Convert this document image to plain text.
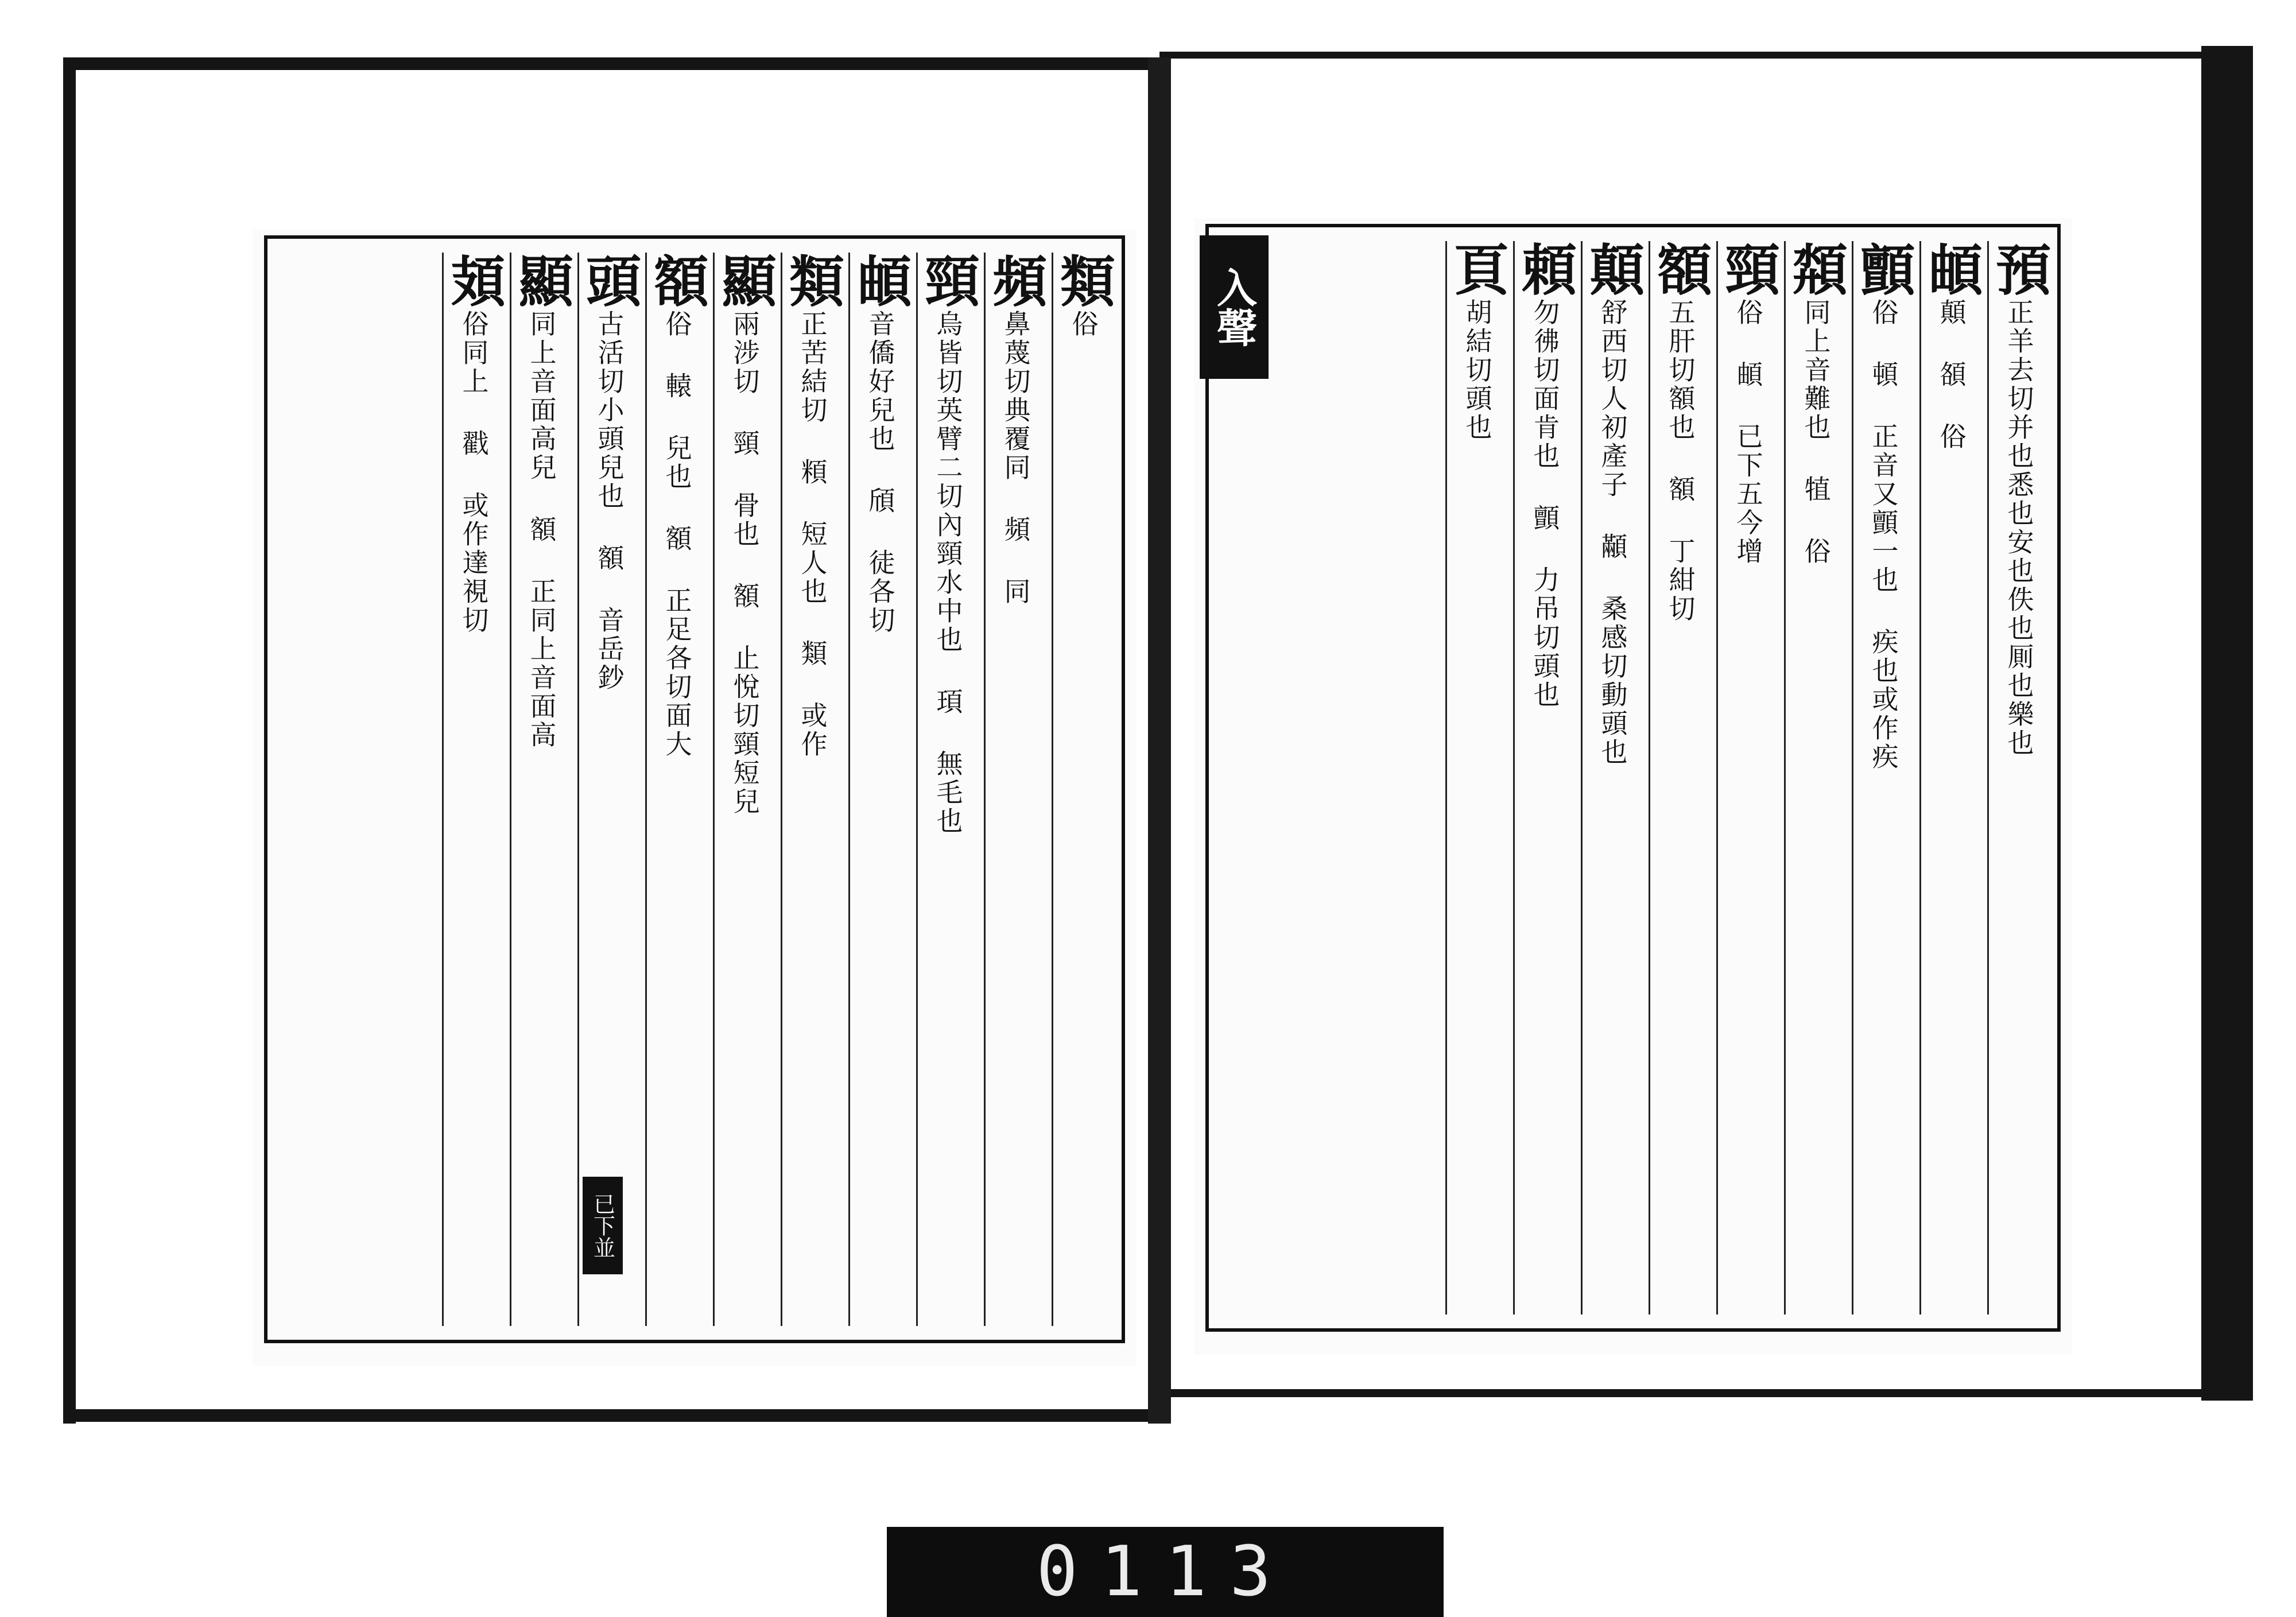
類
俗
頻
鼻蔑切典覆同 頻 同
頸
烏皆切英臂二切內頸水中也 頊 無毛也
頔
音僑好兒也 頎 徒各切
類
正苦結切 頪 短人也 類 或作
顯
兩涉切 頸 骨也 額 止悅切頸短兒
額
俗 轅 兒也 額 正足各切面大
頭
古活切小頭兒也 額 音岳鈔
顯
同上音面高兒 額 正同上音面高
頍
俗同上 戳 或作達視切
已下並
預
正羊去切并也悉也安也佚也厠也樂也
頔
顛 頟 俗
顫
俗 頓 正音又顫一也 疾也或作疾
頮
同上音難也 犆 俗
頸
俗 頔 已下五今增
額
五肝切額也 額 丁紺切
顛
舒西切人初產子 顢 桑感切動頭也
頼
勿彿切面肯也 顫 力吊切頭也
頁
胡結切頭也
入聲
0113
